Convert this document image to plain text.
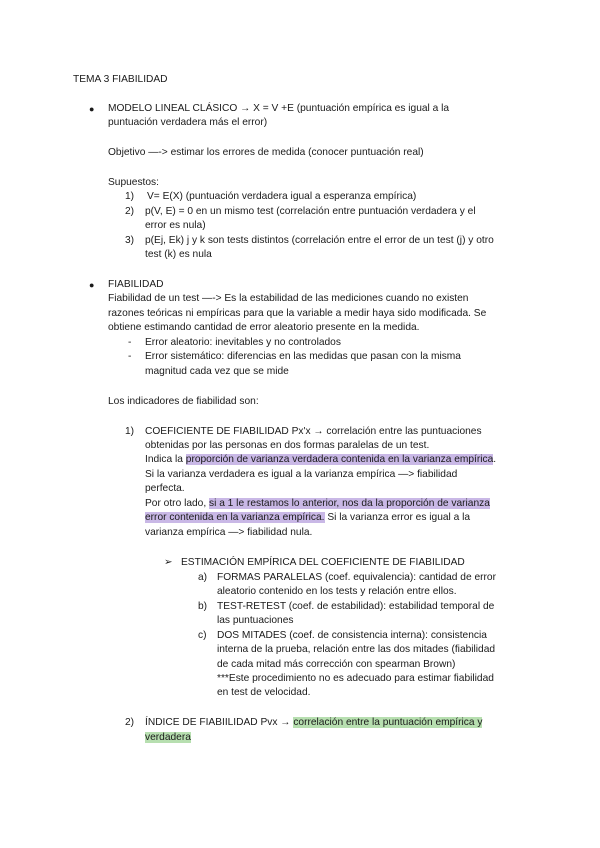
TEMA 3 FIABILIDAD
● MODELO LINEAL CLÁSICO → X = V +E (puntuación empírica es igual a la
puntuación verdadera más el error)
Objetivo —-> estimar los errores de medida (conocer puntuación real)
Supuestos:
1) V= E(X) (puntuación verdadera igual a esperanza empírica)
2) p(V, E) = 0 en un mismo test (correlación entre puntuación verdadera y el
error es nula)
3) p(Ej, Ek) j y k son tests distintos (correlación entre el error de un test (j) y otro
test (k) es nula
● FIABILIDAD
Fiabilidad de un test —-> Es la estabilidad de las mediciones cuando no existen
razones teóricas ni empíricas para que la variable a medir haya sido modificada. Se
obtiene estimando cantidad de error aleatorio presente en la medida.
- Error aleatorio: inevitables y no controlados
- Error sistemático: diferencias en las medidas que pasan con la misma
magnitud cada vez que se mide
Los indicadores de fiabilidad son:
1) COEFICIENTE DE FIABILIDAD Px'x → correlación entre las puntuaciones
obtenidas por las personas en dos formas paralelas de un test.
Indica la proporción de varianza verdadera contenida en la varianza empírica.
Si la varianza verdadera es igual a la varianza empírica —> fiabilidad
perfecta.
Por otro lado, si a 1 le restamos lo anterior, nos da la proporción de varianza
error contenida en la varianza empírica. Si la varianza error es igual a la
varianza empírica —> fiabilidad nula.
➢ ESTIMACIÓN EMPÍRICA DEL COEFICIENTE DE FIABILIDAD
a) FORMAS PARALELAS (coef. equivalencia): cantidad de error
aleatorio contenido en los tests y relación entre ellos.
b) TEST-RETEST (coef. de estabilidad): estabilidad temporal de
las puntuaciones
c) DOS MITADES (coef. de consistencia interna): consistencia
interna de la prueba, relación entre las dos mitades (fiabilidad
de cada mitad más corrección con spearman Brown)
***Este procedimiento no es adecuado para estimar fiabilidad
en test de velocidad.
2) ÍNDICE DE FIABIILIDAD Pvx → correlación entre la puntuación empírica y
verdadera
